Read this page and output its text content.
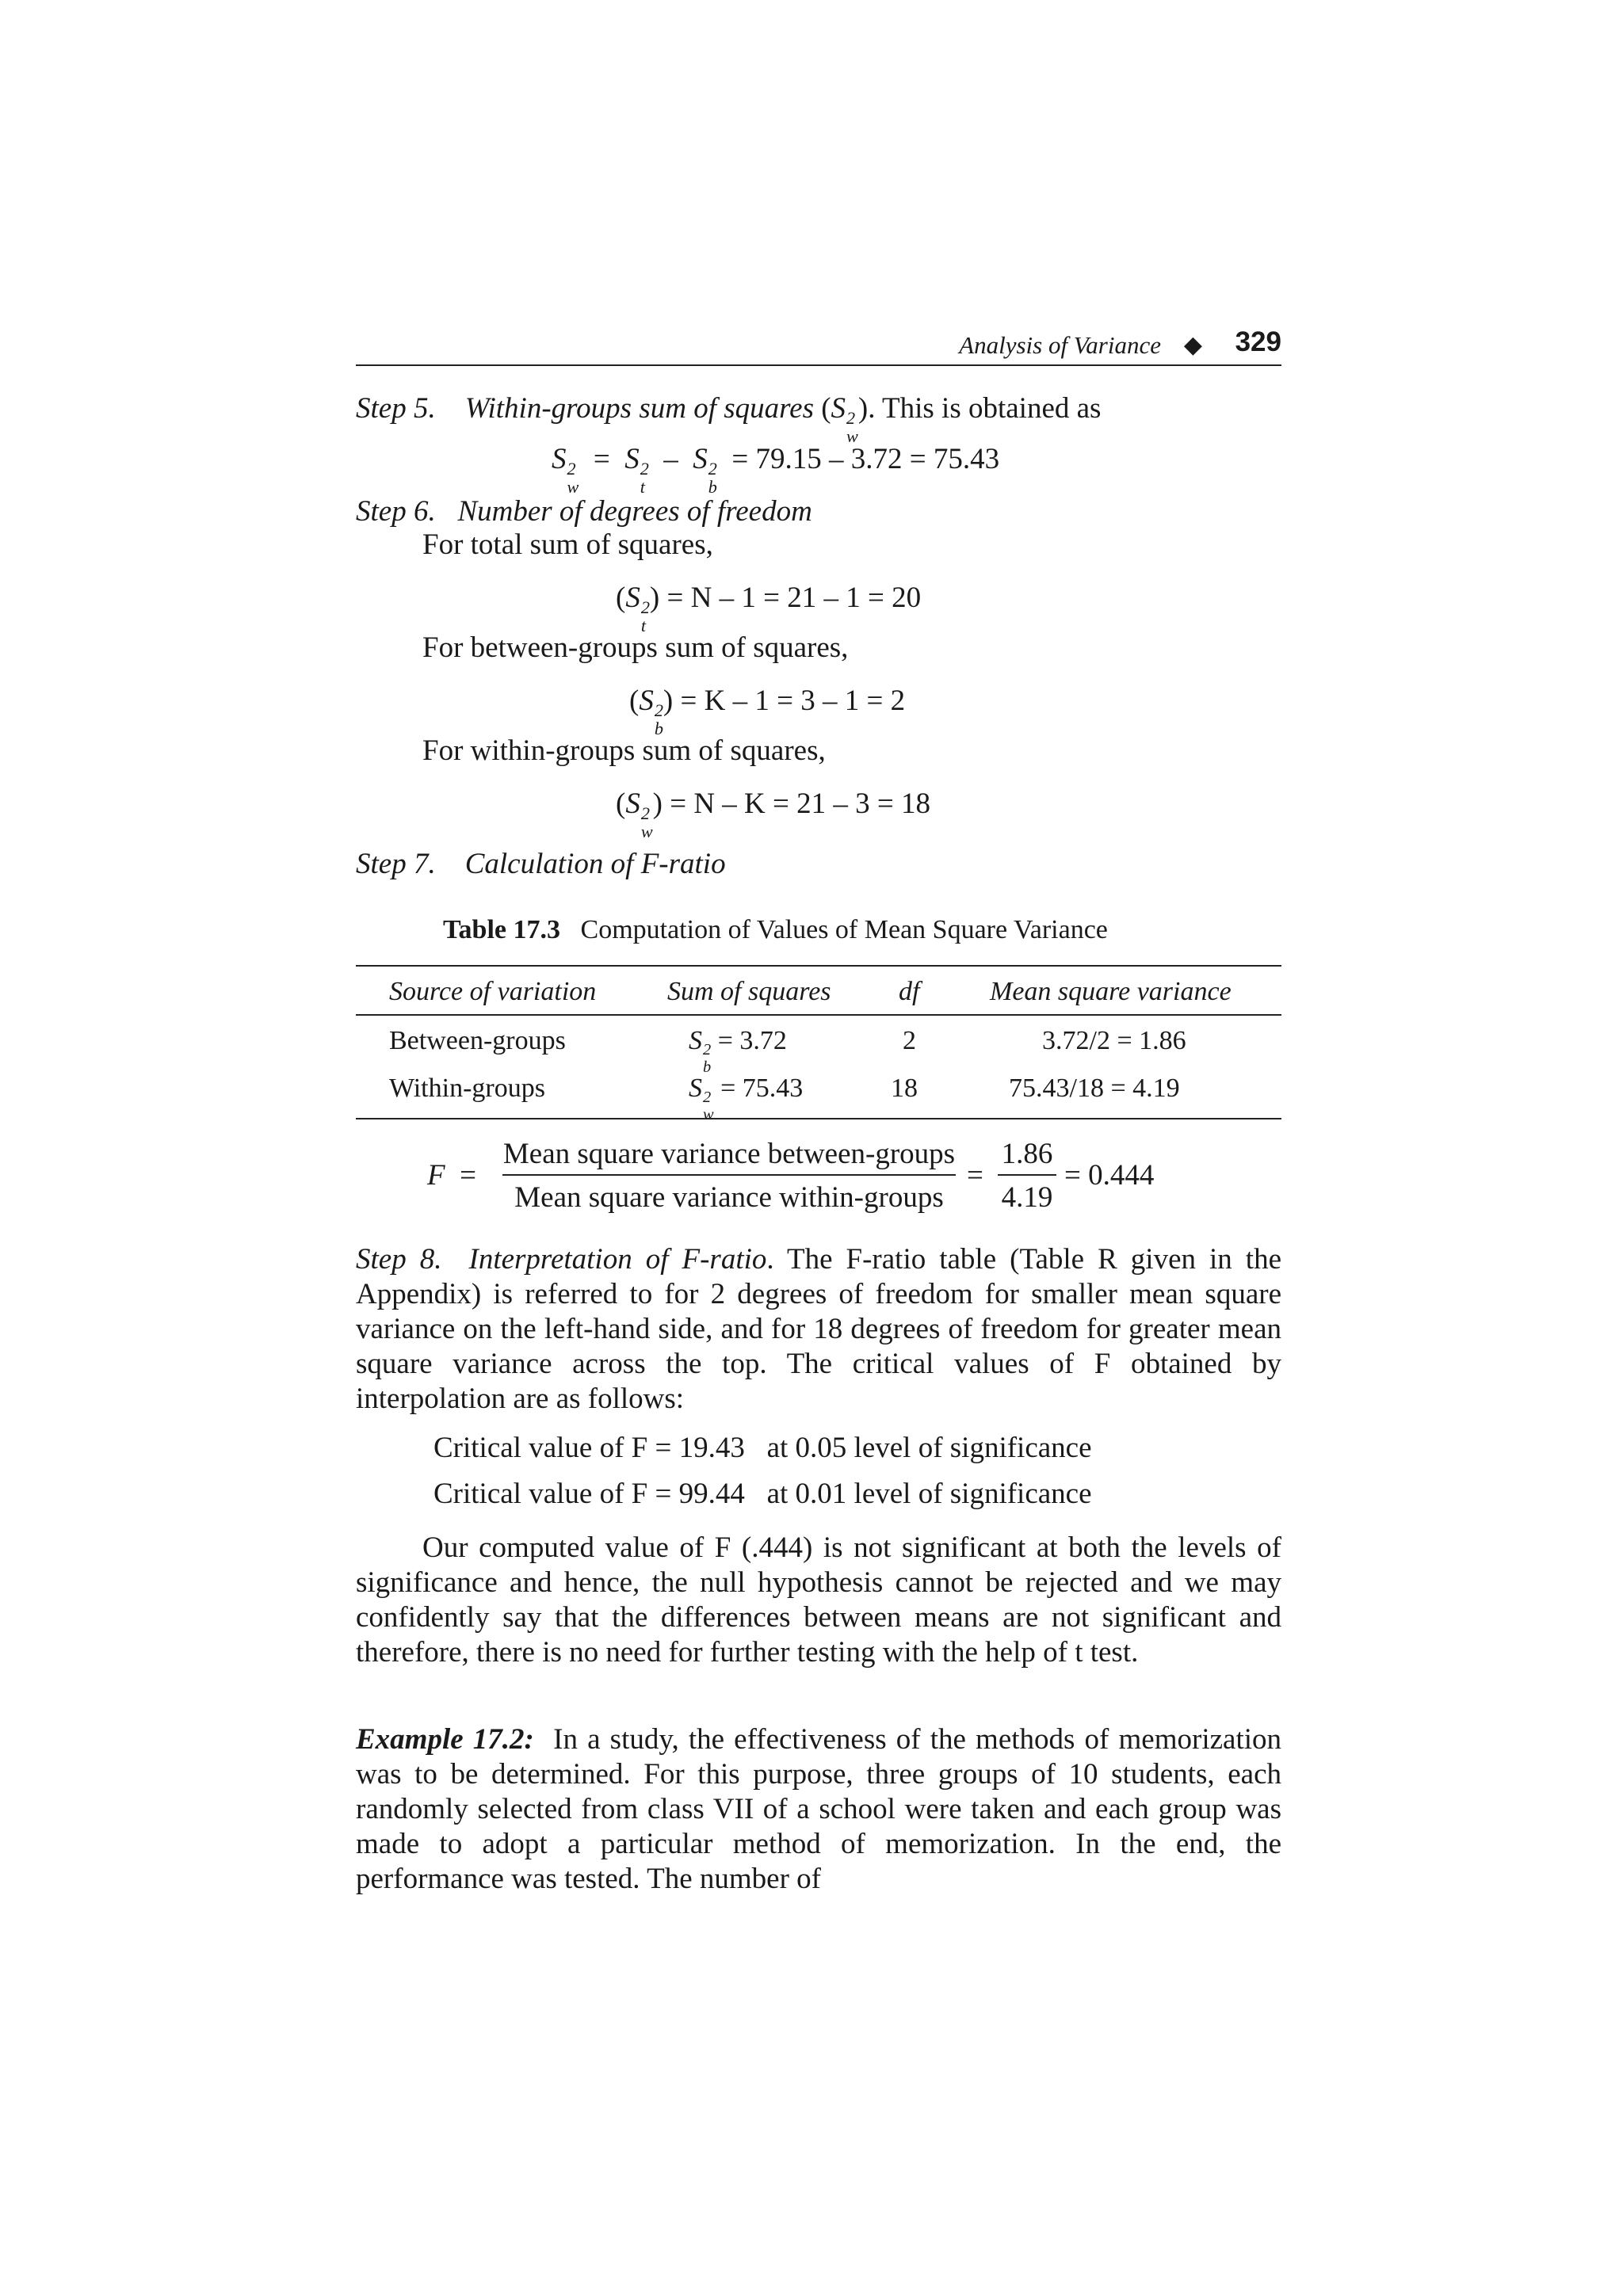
Analysis of Variance ◆ 329
Step 5. Within-groups sum of squares (S 2
w
). This is obtained as
S 2
w
=  S 2
t
–  S 2
b
= 79.15 – 3.72 = 75.43
Step 6. Number of degrees of freedom
For total sum of squares,
(S 2
t
) = N – 1 = 21 – 1 = 20
For between-groups sum of squares,
(S 2
b
) = K – 1 = 3 – 1 = 2
For within-groups sum of squares,
(S 2
w
) = N – K = 21 – 3 = 18
Step 7. Calculation of F-ratio
Table 17.3 Computation of Values of Mean Square Variance
Source of variation	Sum of squares	df	Mean square variance
Between-groups	S 2
b
= 3.72	2	3.72/2 = 1.86
Within-groups	S 2
w
= 75.43	18	75.43/18 = 4.19
F  =
Mean square variance between-groups
Mean square variance within-groups
=
1.86
4.19
= 0.444

Step 8. Interpretation of F-ratio. The F-ratio table (Table R given in the Appendix) is referred to for 2 degrees of freedom for smaller mean square variance on the left-hand side, and for 18 degrees of freedom for greater mean square variance across the top. The critical values of F obtained by interpolation are as follows:

Critical value of F = 19.43   at 0.05 level of significance
Critical value of F = 99.44   at 0.01 level of significance

Our computed value of F (.444) is not significant at both the levels of significance and hence, the null hypothesis cannot be rejected and we may confidently say that the differences between means are not significant and therefore, there is no need for further testing with the help of t test.

Example 17.2: In a study, the effectiveness of the methods of memorization was to be determined. For this purpose, three groups of 10 students, each randomly selected from class VII of a school were taken and each group was made to adopt a particular method of memorization. In the end, the performance was tested. The number of
